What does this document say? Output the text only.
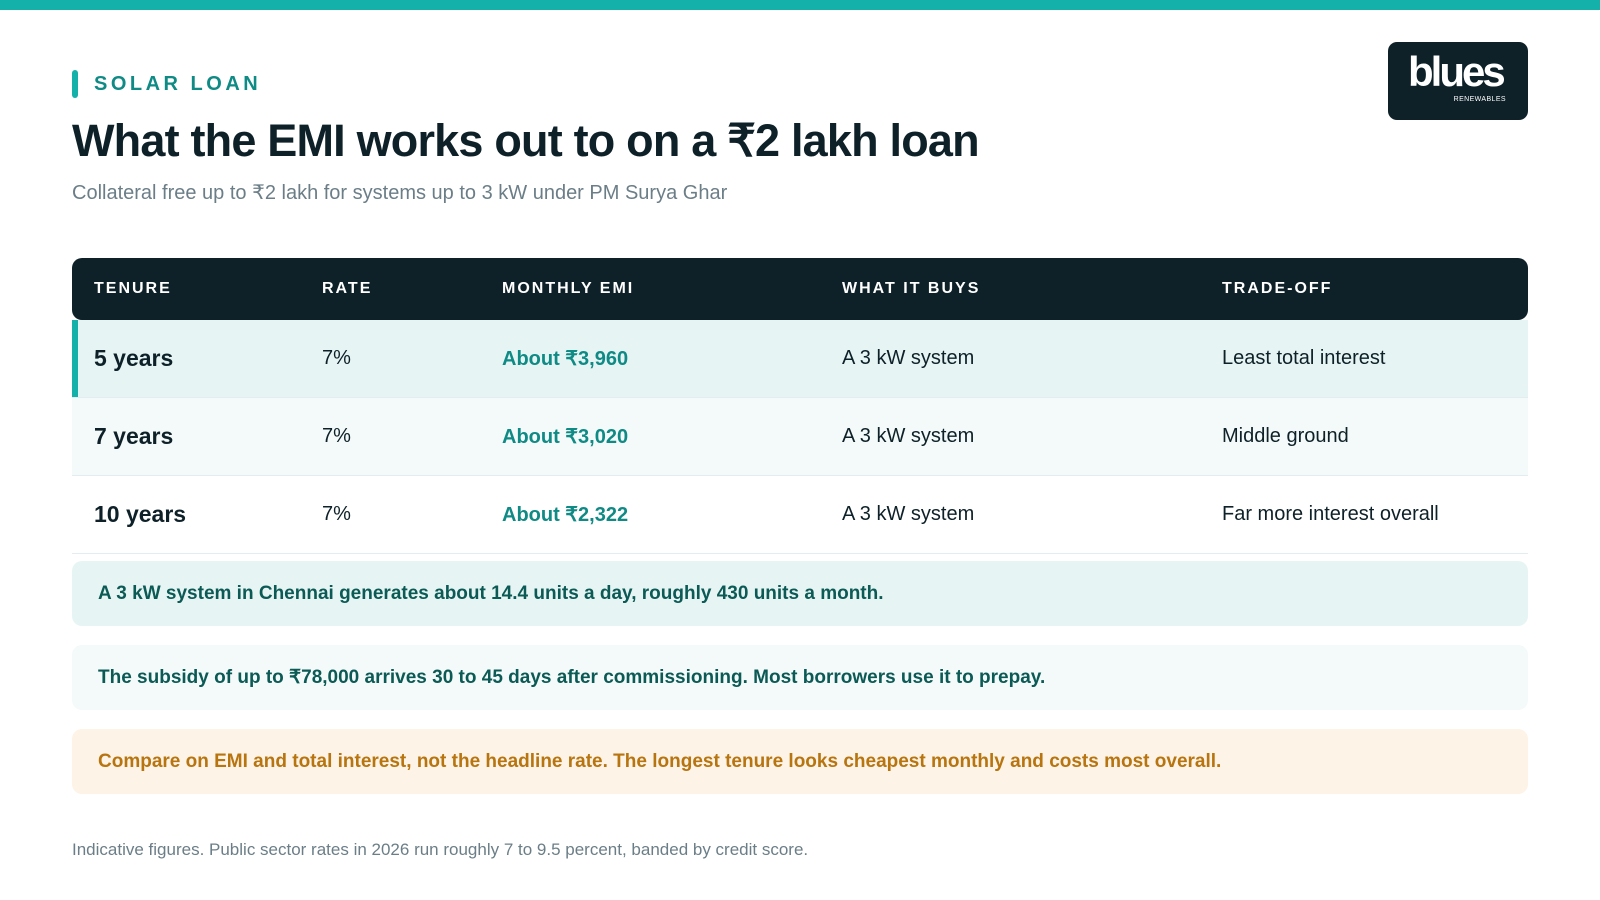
SOLAR LOAN
What the EMI works out to on a ₹2 lakh loan
Collateral free up to ₹2 lakh for systems up to 3 kW under PM Surya Ghar
blues
RENEWABLES
TENURE	RATE	MONTHLY EMI	WHAT IT BUYS	TRADE-OFF
5 years	7%	About ₹3,960	A 3 kW system	Least total interest
7 years	7%	About ₹3,020	A 3 kW system	Middle ground
10 years	7%	About ₹2,322	A 3 kW system	Far more interest overall
A 3 kW system in Chennai generates about 14.4 units a day, roughly 430 units a month.
The subsidy of up to ₹78,000 arrives 30 to 45 days after commissioning. Most borrowers use it to prepay.
Compare on EMI and total interest, not the headline rate. The longest tenure looks cheapest monthly and costs most overall.
Indicative figures. Public sector rates in 2026 run roughly 7 to 9.5 percent, banded by credit score.
